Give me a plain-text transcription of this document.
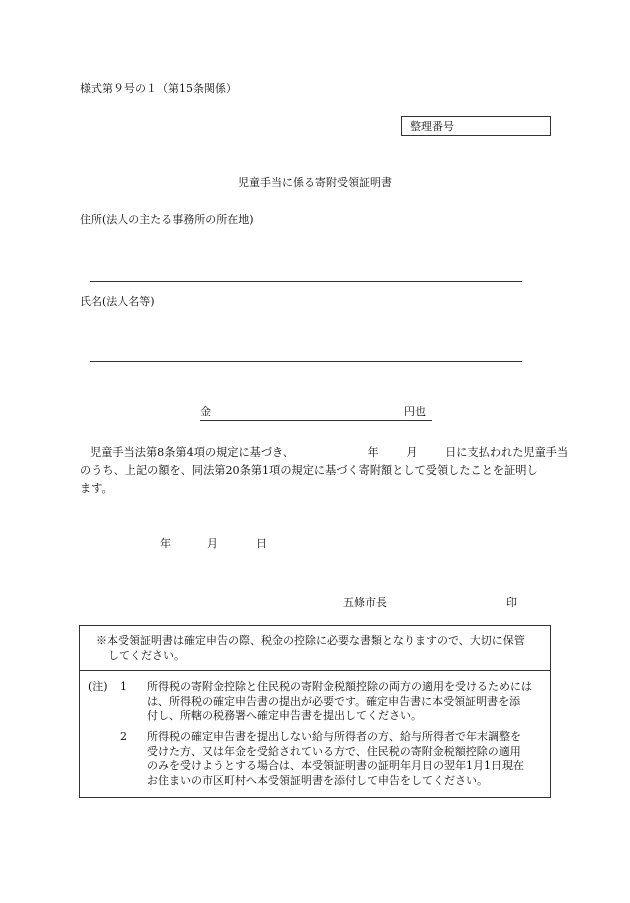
様式第９号の１（第15条関係）
整理番号
児童手当に係る寄附受領証明書
住所(法人の主たる事務所の所在地)
氏名(法人名等)
金	円也
児童手当法第8条第4項の規定に基づき、	年 月 日に支払われた児童手当
のうち、上記の額を、同法第20条第1項の規定に基づく寄附額として受領したことを証明し
ます。
年	月	日
五條市長	印
※本受領証明書は確定申告の際、税金の控除に必要な書類となりますので、大切に保管
してください。
(注) 1 所得税の寄附金控除と住民税の寄附金税額控除の両方の適用を受けるためには
は、所得税の確定申告書の提出が必要です。確定申告書に本受領証明書を添
付し、所轄の税務署へ確定申告書を提出してください。
2 所得税の確定申告書を提出しない給与所得者の方、給与所得者で年末調整を
受けた方、又は年金を受給されている方で、住民税の寄附金税額控除の適用
のみを受けようとする場合は、本受領証明書の証明年月日の翌年1月1日現在
お住まいの市区町村へ本受領証明書を添付して申告をしてください。
